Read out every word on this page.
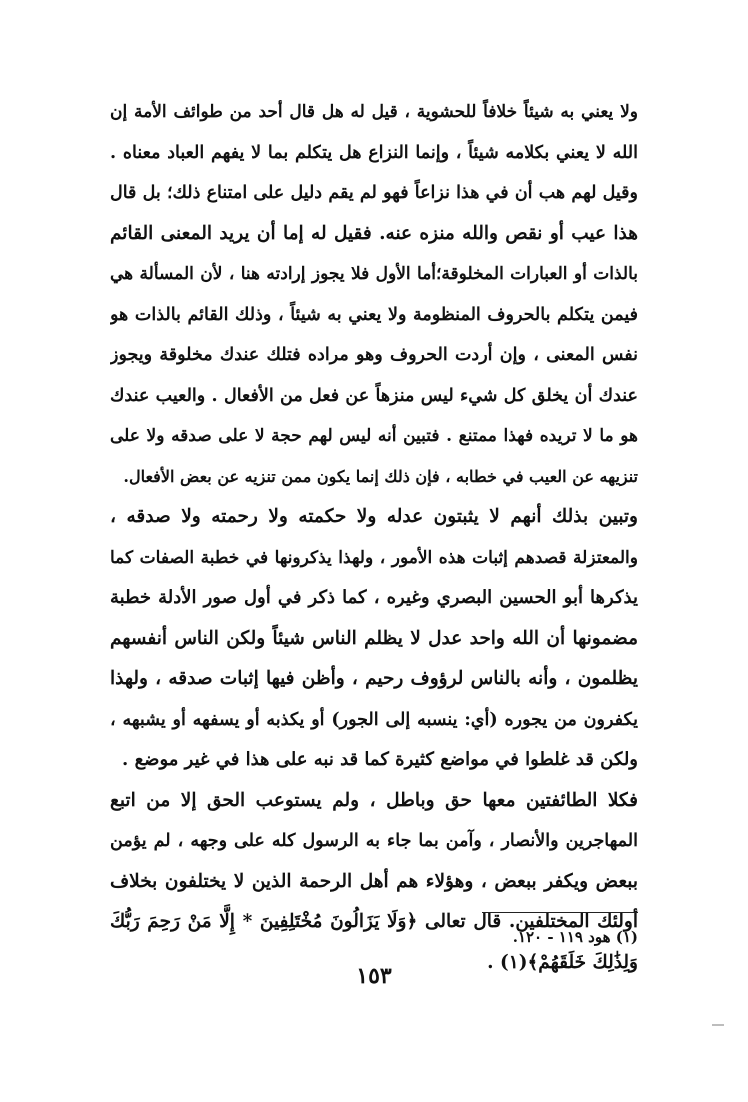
ولا يعني به شيئاً خلافاً للحشوية ، قيل له هل قال أحد من طوائف الأمة إن
الله لا يعني بكلامه شيئاً ، وإنما النزاع هل يتكلم بما لا يفهم العباد معناه .
وقيل لهم هب أن في هذا نزاعاً فهو لم يقم دليل على امتناع ذلك؛ بل قال
هذا عيب أو نقص والله منزه عنه. فقيل له إما أن يريد المعنى القائم
بالذات أو العبارات المخلوقة؛أما الأول فلا يجوز إرادته هنا ، لأن المسألة هي
فيمن يتكلم بالحروف المنظومة ولا يعني به شيئاً ، وذلك القائم بالذات هو
نفس المعنى ، وإن أردت الحروف وهو مراده فتلك عندك مخلوقة ويجوز
عندك أن يخلق كل شيء ليس منزهاً عن فعل من الأفعال . والعيب عندك
هو ما لا تريده فهذا ممتنع . فتبين أنه ليس لهم حجة لا على صدقه ولا على
تنزيهه عن العيب في خطابه ، فإن ذلك إنما يكون ممن تنزيه عن بعض الأفعال.
وتبين بذلك أنهم لا يثبتون عدله ولا حكمته ولا رحمته ولا صدقه ،
والمعتزلة قصدهم إثبات هذه الأمور ، ولهذا يذكرونها في خطبة الصفات كما
يذكرها أبو الحسين البصري وغيره ، كما ذكر في أول صور الأدلة خطبة
مضمونها أن الله واحد عدل لا يظلم الناس شيئاً ولكن الناس أنفسهم
يظلمون ، وأنه بالناس لرؤوف رحيم ، وأظن فيها إثبات صدقه ، ولهذا
يكفرون من يجوره (أي: ينسبه إلى الجور) أو يكذبه أو يسفهه أو يشبهه ،
ولكن قد غلطوا في مواضع كثيرة كما قد نبه على هذا في غير موضع .
فكلا الطائفتين معها حق وباطل ، ولم يستوعب الحق إلا من اتبع
المهاجرين والأنصار ، وآمن بما جاء به الرسول كله على وجهه ، لم يؤمن
ببعض ويكفر ببعض ، وهؤلاء هم أهل الرحمة الذين لا يختلفون بخلاف
أولئك المختلفين. قال تعالى ﴿وَلَا يَزَالُونَ مُخْتَلِفِينَ * إِلَّا مَنْ رَحِمَ رَبُّكَ
وَلِذَٰلِكَ خَلَقَهُمْ﴾(١) .
(١) هود ١١٩ - ١٢٠.
١٥٣
